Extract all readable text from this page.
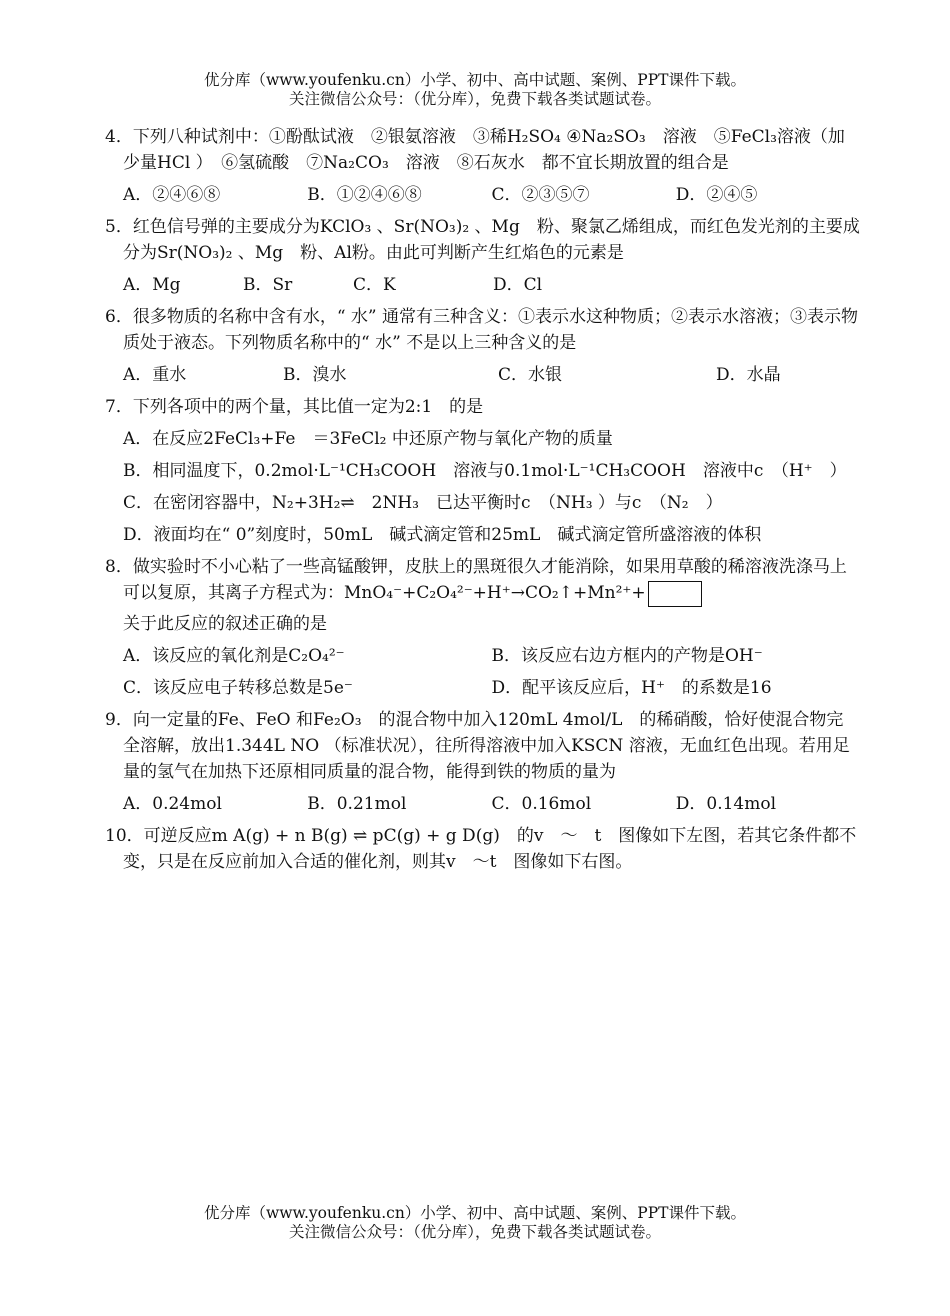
优分库（www.youfenku.cn）小学、初中、高中试题、案例、PPT课件下载。
关注微信公众号：（优分库），免费下载各类试题试卷。
4．下列八种试剂中：①酚酞试液　②银氨溶液　③稀H₂SO₄ ④Na₂SO₃　溶液　⑤FeCl₃溶液（加少量HCl ）　⑥氢硫酸　⑦Na₂CO₃　溶液　⑧石灰水　都不宜长期放置的组合是
A．②④⑥⑧	B．①②④⑥⑧	C．②③⑤⑦	D．②④⑤
5．红色信号弹的主要成分为KClO₃ 、Sr(NO₃)₂ 、Mg　粉、聚氯乙烯组成，而红色发光剂的主要成分为Sr(NO₃)₂ 、Mg　粉、Al粉。由此可判断产生红焰色的元素是
A．Mg	B．Sr	C．K	D．Cl
6．很多物质的名称中含有水，“ 水” 通常有三种含义：①表示水这种物质；②表示水溶液；③表示物质处于液态。下列物质名称中的“ 水” 不是以上三种含义的是
A．重水	B．溴水	C．水银	D．水晶
7．下列各项中的两个量，其比值一定为2:1　的是
A．在反应2FeCl₃+Fe　＝3FeCl₂ 中还原产物与氧化产物的质量
B．相同温度下，0.2mol·L⁻¹CH₃COOH　溶液与0.1mol·L⁻¹CH₃COOH　溶液中c　（H⁺　）
C．在密闭容器中，N₂+3H₂⇌　2NH₃　已达平衡时c　（NH₃ ）与c　（N₂　）
D．液面均在“ 0”刻度时，50mL　碱式滴定管和25mL　碱式滴定管所盛溶液的体积
8．做实验时不小心粘了一些高锰酸钾，皮肤上的黑斑很久才能消除，如果用草酸的稀溶液洗涤马上可以复原，其离子方程式为：MnO₄⁻+C₂O₄²⁻+H⁺→CO₂↑+Mn²⁺+
关于此反应的叙述正确的是
A．该反应的氧化剂是C₂O₄²⁻	B．该反应右边方框内的产物是OH⁻
C．该反应电子转移总数是5e⁻	D．配平该反应后，H⁺　的系数是16
9．向一定量的Fe、FeO 和Fe₂O₃　的混合物中加入120mL 4mol/L　的稀硝酸，恰好使混合物完全溶解，放出1.344L NO （标准状况），往所得溶液中加入KSCN 溶液，无血红色出现。若用足量的氢气在加热下还原相同质量的混合物，能得到铁的物质的量为
A．0.24mol	B．0.21mol	C．0.16mol	D．0.14mol
10．可逆反应m A(g) + n B(g) ⇌ pC(g) + g D(g)　的v　～　t　图像如下左图，若其它条件都不变，只是在反应前加入合适的催化剂，则其v　～t　图像如下右图。
优分库（www.youfenku.cn）小学、初中、高中试题、案例、PPT课件下载。
关注微信公众号：（优分库），免费下载各类试题试卷。
